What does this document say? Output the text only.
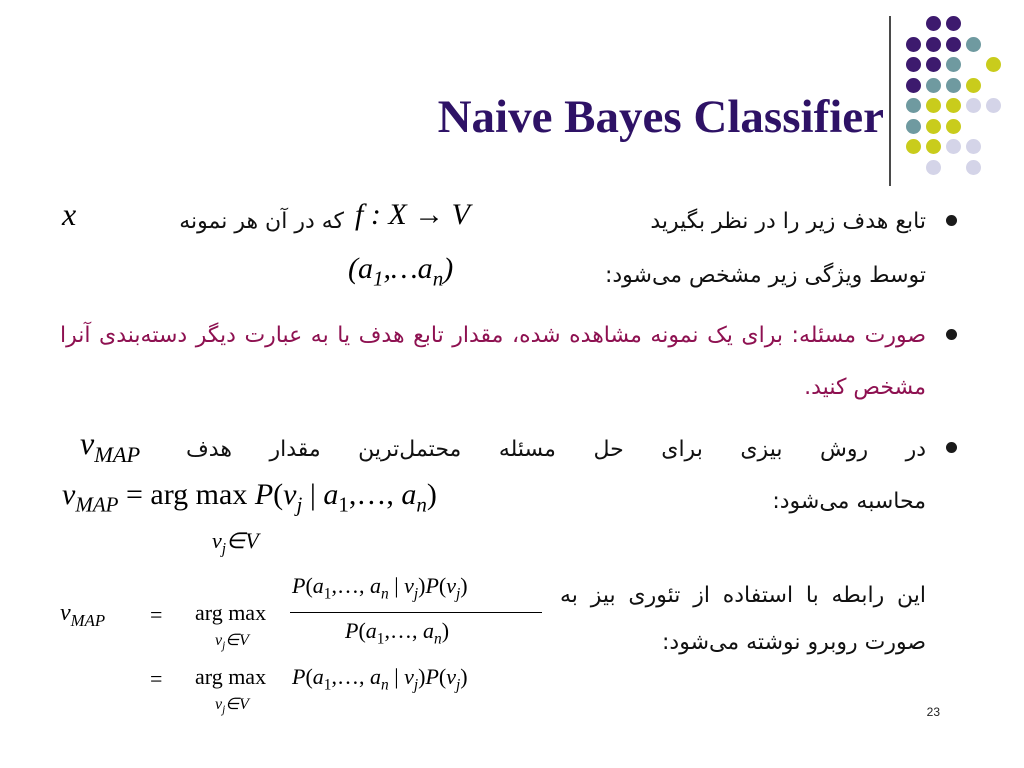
Naive Bayes Classifier
تابع هدف زیر را در نظر بگیرید
f : X → V
که در آن هر نمونه
x
توسط ویژگی زیر مشخص می‌شود:
$(a_1,\dots a_n)$
صورت مسئله: برای یک نمونه مشاهده شده، مقدار تابع هدف یا به عبارت دیگر دسته‌بندی آنرا مشخص کنید.
در روش بیزی برای حل مسئله محتمل‌ترین مقدار هدف
$v_{MAP}$
محاسبه می‌شود:
$v_{MAP}$ = arg $\max P(v_j$ | $a_1,\dots$, $a_n$)
$v_j\in V$
این رابطه با استفاده از تئوری بیز به صورت روبرو نوشته می‌شود:
$v_{MAP}$ = arg max
$v_j\in V$
$P(a_1,\dots$, $a_n$ | $v_j)P(v_j)$
$P(a_1,\dots$, $a_n$)
= arg max
$v_j\in V$
$P(a_1,\dots$, $a_n$ | $v_j)P(v_j)$
23
